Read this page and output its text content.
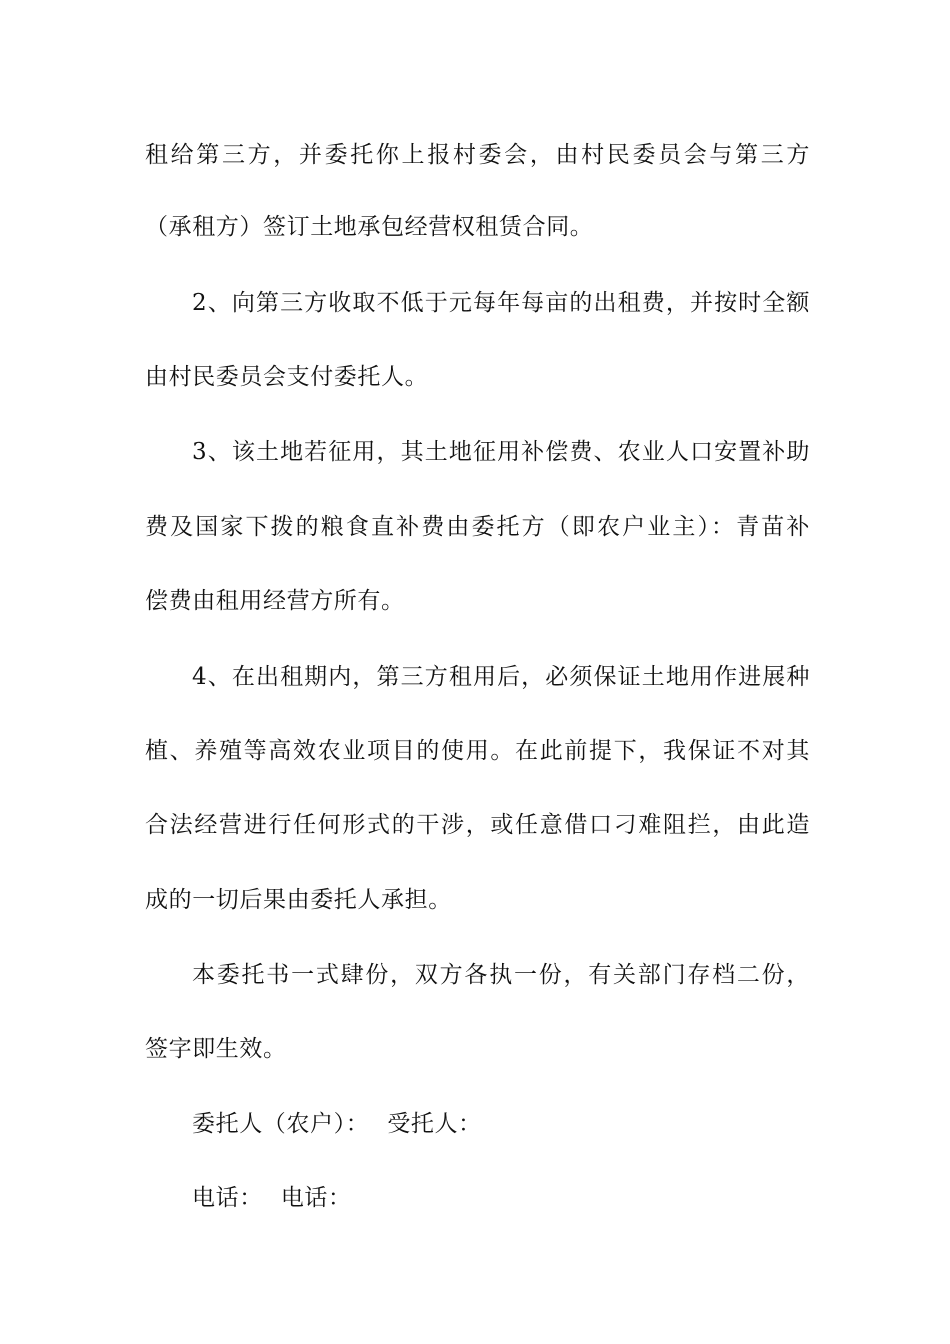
租给第三方，并委托你上报村委会，由村民委员会与第三方
（承租方）签订土地承包经营权租赁合同。
2、向第三方收取不低于元每年每亩的出租费，并按时全额
由村民委员会支付委托人。
3、该土地若征用，其土地征用补偿费、农业人口安置补助
费及国家下拨的粮食直补费由委托方（即农户业主）：青苗补
偿费由租用经营方所有。
4、在出租期内，第三方租用后，必须保证土地用作进展种
植、养殖等高效农业项目的使用。在此前提下，我保证不对其
合法经营进行任何形式的干涉，或任意借口刁难阻拦，由此造
成的一切后果由委托人承担。
本委托书一式肆份，双方各执一份，有关部门存档二份，
签字即生效。
委托人（农户）： 受托人：
电话： 电话：
